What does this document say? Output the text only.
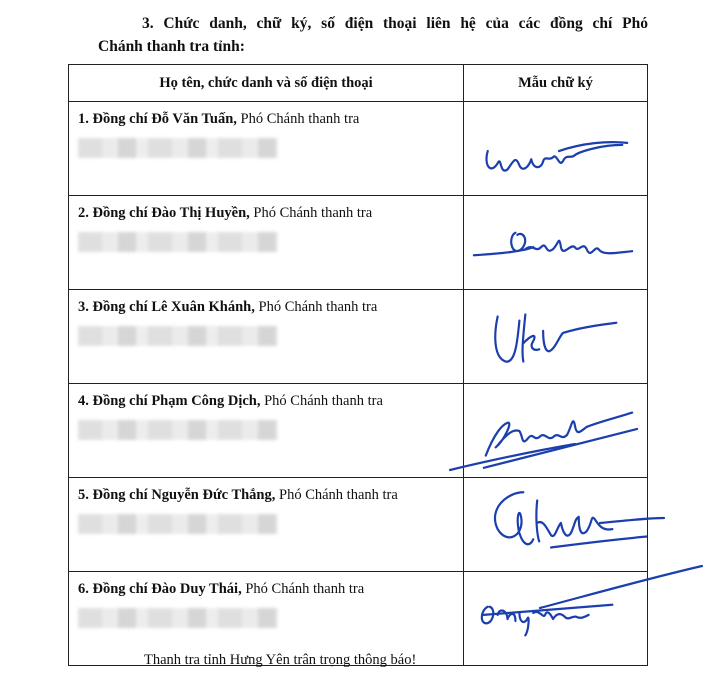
3. Chức danh, chữ ký, số điện thoại liên hệ của các đồng chí Phó
Chánh thanh tra tỉnh:
Họ tên, chức danh và số điện thoại	Mẫu chữ ký

1. Đồng chí Đỗ Văn Tuấn, Phó Chánh thanh tra

2. Đồng chí Đào Thị Huyền, Phó Chánh thanh tra

3. Đồng chí Lê Xuân Khánh, Phó Chánh thanh tra

4. Đồng chí Phạm Công Dịch, Phó Chánh thanh tra

5. Đồng chí Nguyễn Đức Thắng, Phó Chánh thanh tra

6. Đồng chí Đào Duy Thái, Phó Chánh thanh tra

Thanh tra tỉnh Hưng Yên trân trọng thông báo!
